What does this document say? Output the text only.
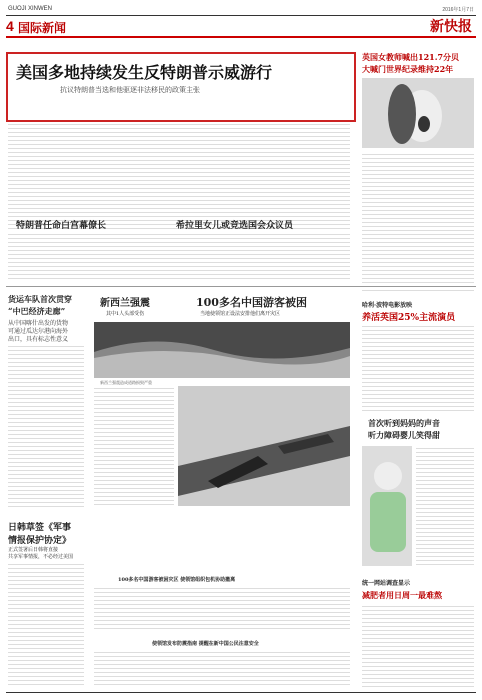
GUOJI XINWEN	2016年1月7日
4 国际新闻	新快报
美国多地持续发生反特朗普示威游行
抗议特朗普当选和他驱逐非法移民的政策主张
英国女教师喊出121.7分贝
大喊门世界纪录维持22年
特朗普任命白宫幕僚长	希拉里女儿或竞选国会众议员
货运车队首次贯穿
“中巴经济走廊”
从中国喀什出发的货物
可通过瓜达尔港向海外
出口，具有标志性意义
新西兰强震
其中1人头部受伤
100多名中国游客被困
当地使领馆正设法安排他们离开灾区
新西兰强震造成道路损毁严重
哈利·波特电影放映
养活英国25%主流演员
首次听到妈妈的声音
听力障碍婴儿笑得甜
日韩草签《军事
情报保护协定》
正式签署后日韩将直接
共享军事情报，不必经过美国
100多名中国游客被困灾区 使领馆组织包机协助撤离
使领馆发布防震指南 提醒在新中国公民注意安全
统一网站调查显示
减肥者用日周一最难熬
